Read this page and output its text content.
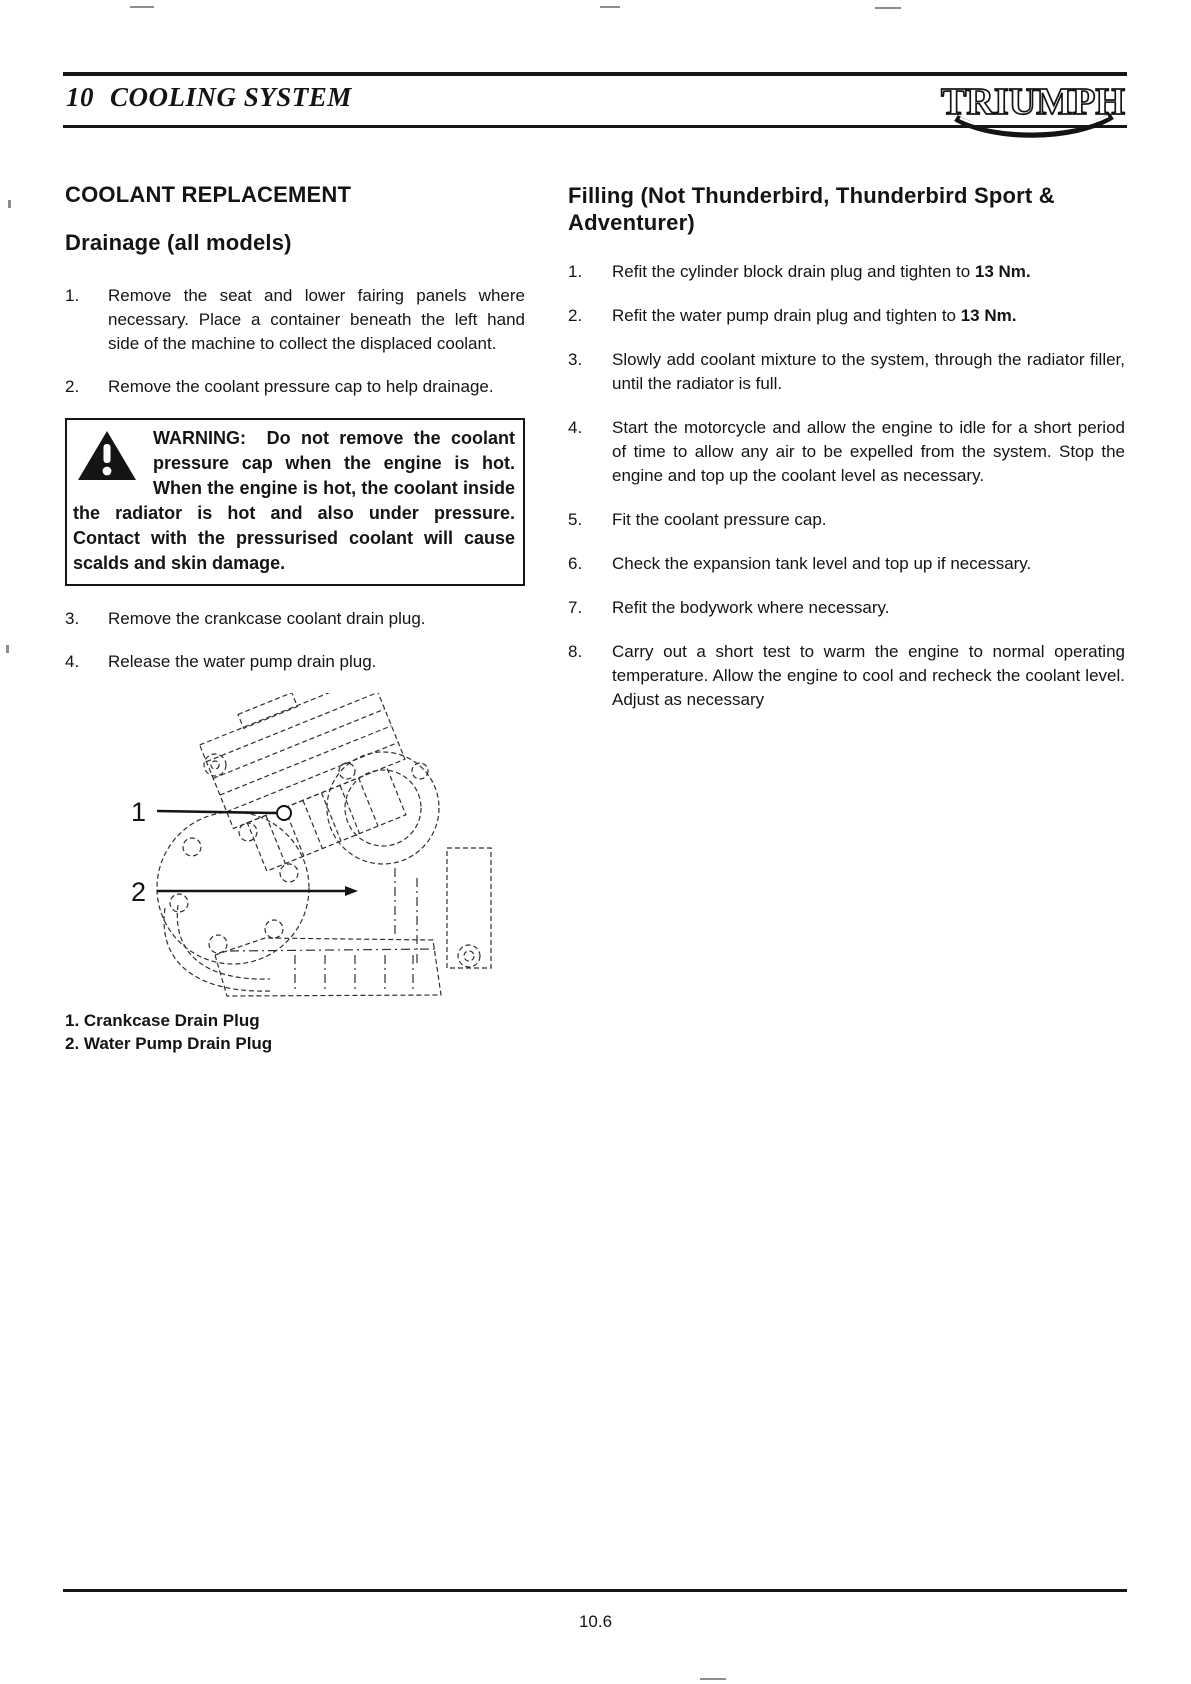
10 COOLING SYSTEM	TRIUMPH
COOLANT REPLACEMENT
Drainage (all models)
1.	Remove the seat and lower fairing panels where necessary. Place a container beneath the left hand side of the machine to collect the displaced coolant.

2.	Remove the coolant pressure cap to help drainage.

WARNING: Do not remove the coolant pressure cap when the engine is hot. When the engine is hot, the coolant inside the radiator is hot and also under pressure. Contact with the pressurised coolant will cause scalds and skin damage.
3.	Remove the crankcase coolant drain plug.

4.	Release the water pump drain plug.

1
2
1. Crankcase Drain Plug
2. Water Pump Drain Plug
Filling (Not Thunderbird, Thunderbird Sport & Adventurer)
1.	Refit the cylinder block drain plug and tighten to 13 Nm.

2.	Refit the water pump drain plug and tighten to 13 Nm.

3.	Slowly add coolant mixture to the system, through the radiator filler, until the radiator is full.

4.	Start the motorcycle and allow the engine to idle for a short period of time to allow any air to be expelled from the system. Stop the engine and top up the coolant level as necessary.

5.	Fit the coolant pressure cap.

6.	Check the expansion tank level and top up if necessary.

7.	Refit the bodywork where necessary.

8.	Carry out a short test to warm the engine to normal operating temperature. Allow the engine to cool and recheck the coolant level. Adjust as necessary

10.6
